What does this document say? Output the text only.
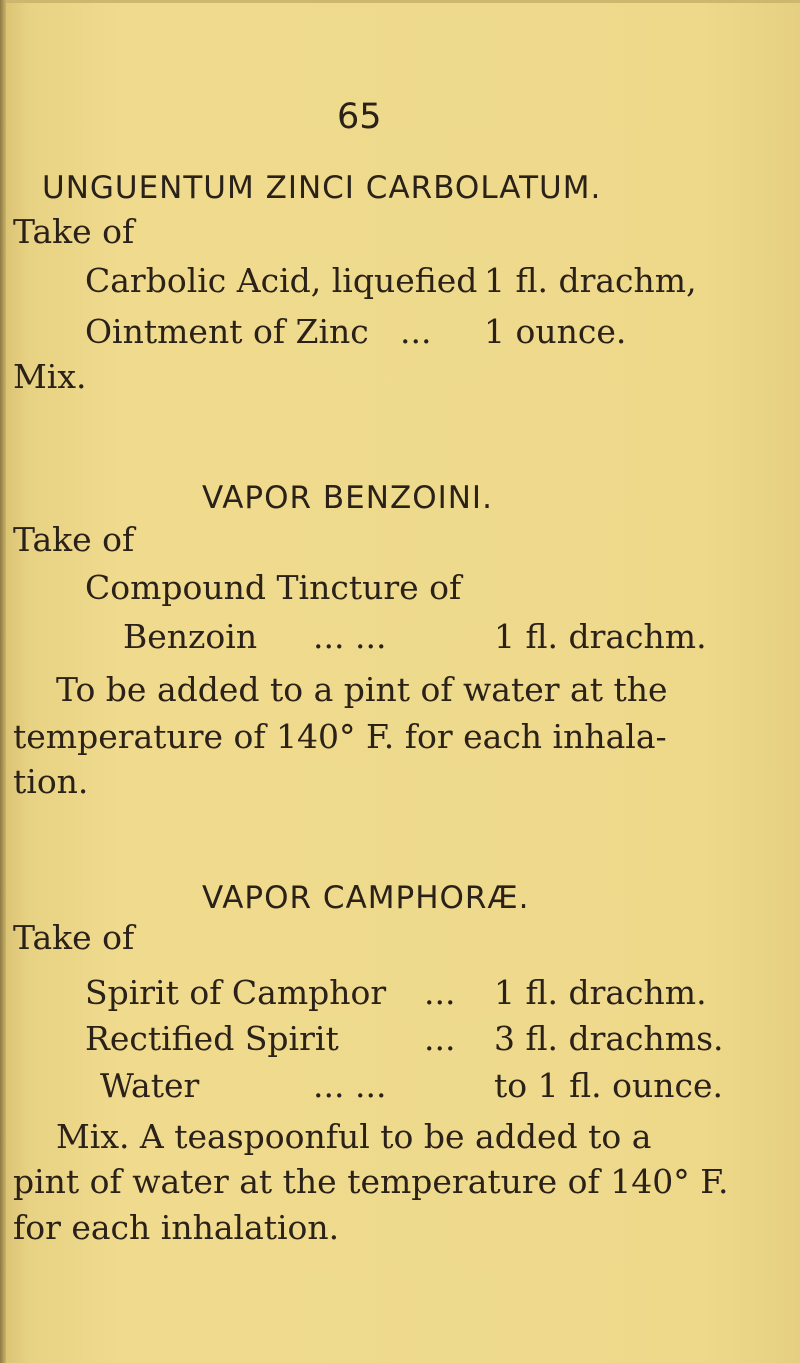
65
UNGUENTUM ZINCI CARBOLATUM.
Take of
Carbolic Acid, liquefied 1 fl. drachm,
Ointment of Zinc ... 1 ounce.
Mix.
VAPOR BENZOINI.
Take of
Compound Tincture of
Benzoin ... ...	1 fl. drachm.
To be added to a pint of water at the
temperature of 140° F. for each inhala-
tion.
VAPOR CAMPHORÆ.
Take of
Spirit of Camphor ... 1 fl. drachm.
Rectified Spirit	... 3 fl. drachms.
Water	... ...	to 1 fl. ounce.
Mix. A teaspoonful to be added to a
pint of water at the temperature of 140° F.
for each inhalation.
